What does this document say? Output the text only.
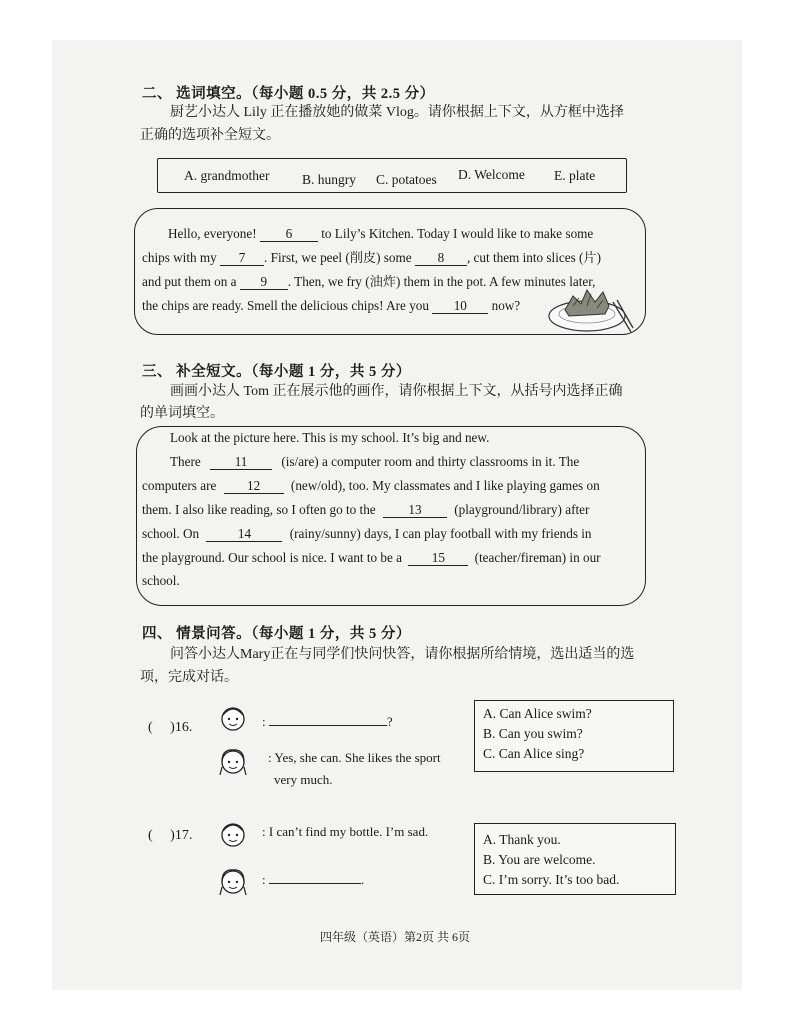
二、 选词填空。（每小题 0.5 分，共 2.5 分）
厨艺小达人 Lily 正在播放她的做菜 Vlog。请你根据上下文，从方框中选择
正确的选项补全短文。
A. grandmother B. hungry C. potatoes D. Welcome E. plate
Hello, everyone! 6 to Lily’s Kitchen. Today I would like to make some
chips with my 7 . First, we peel (削皮) some 8 , cut them into slices (片)
and put them on a 9 . Then, we fry (油炸) them in the pot. A few minutes later,
the chips are ready. Smell the delicious chips! Are you 10 now?
三、 补全短文。（每小题 1 分，共 5 分）
画画小达人 Tom 正在展示他的画作，请你根据上下文，从括号内选择正确
的单词填空。
Look at the picture here. This is my school. It’s big and new.
There	11	(is/are) a computer room and thirty classrooms in it. The
computers are 12 (new/old), too. My classmates and I like playing games on
them. I also like reading, so I often go to the 13 (playground/library) after
school. On	14	(rainy/sunny) days, I can play football with my friends in
the playground. Our school is nice. I want to be a 15 (teacher/fireman) in our
school.
四、 情景问答。（每小题 1 分，共 5 分）
问答小达人Mary正在与同学们快问快答，请你根据所给情境，选出适当的选
项，完成对话。
(　 )16.	:	?
: Yes, she can. She likes the sport
very much.
A. Can Alice swim?
B. Can you swim?
C. Can Alice sing?
(　 )17.	: I can’t find my bottle. I’m sad.
:	.
A. Thank you.
B. You are welcome.
C. I’m sorry. It’s too bad.
四年级（英语）第2页 共 6页
